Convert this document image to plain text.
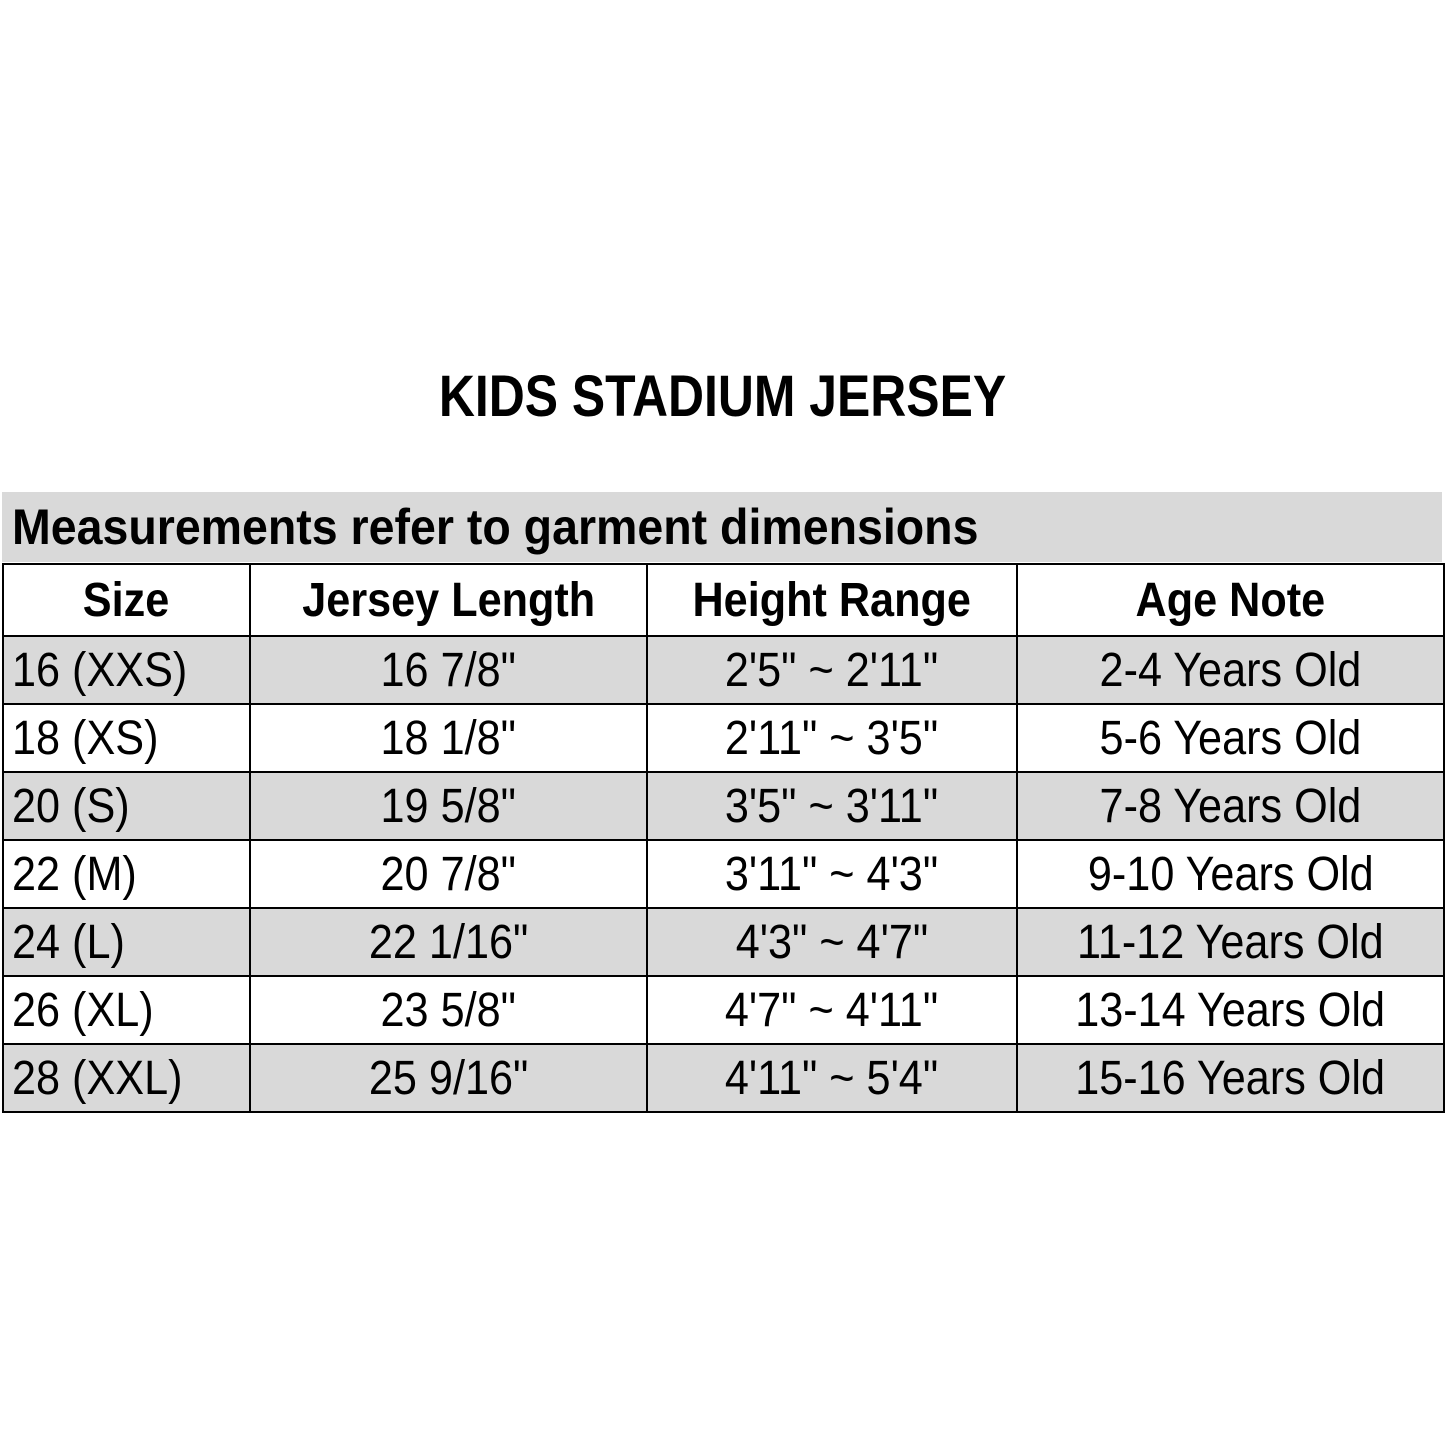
KIDS STADIUM JERSEY
Measurements refer to garment dimensions
Size	Jersey Length	Height Range	Age Note
16 (XXS)	16 7/8"	2'5" ~ 2'11"	2-4 Years Old
18 (XS)	18 1/8"	2'11" ~ 3'5"	5-6 Years Old
20 (S)	19 5/8"	3'5" ~ 3'11"	7-8 Years Old
22 (M)	20 7/8"	3'11" ~ 4'3"	9-10 Years Old
24 (L)	22 1/16"	4'3" ~ 4'7"	11-12 Years Old
26 (XL)	23 5/8"	4'7" ~ 4'11"	13-14 Years Old
28 (XXL)	25 9/16"	4'11" ~ 5'4"	15-16 Years Old
